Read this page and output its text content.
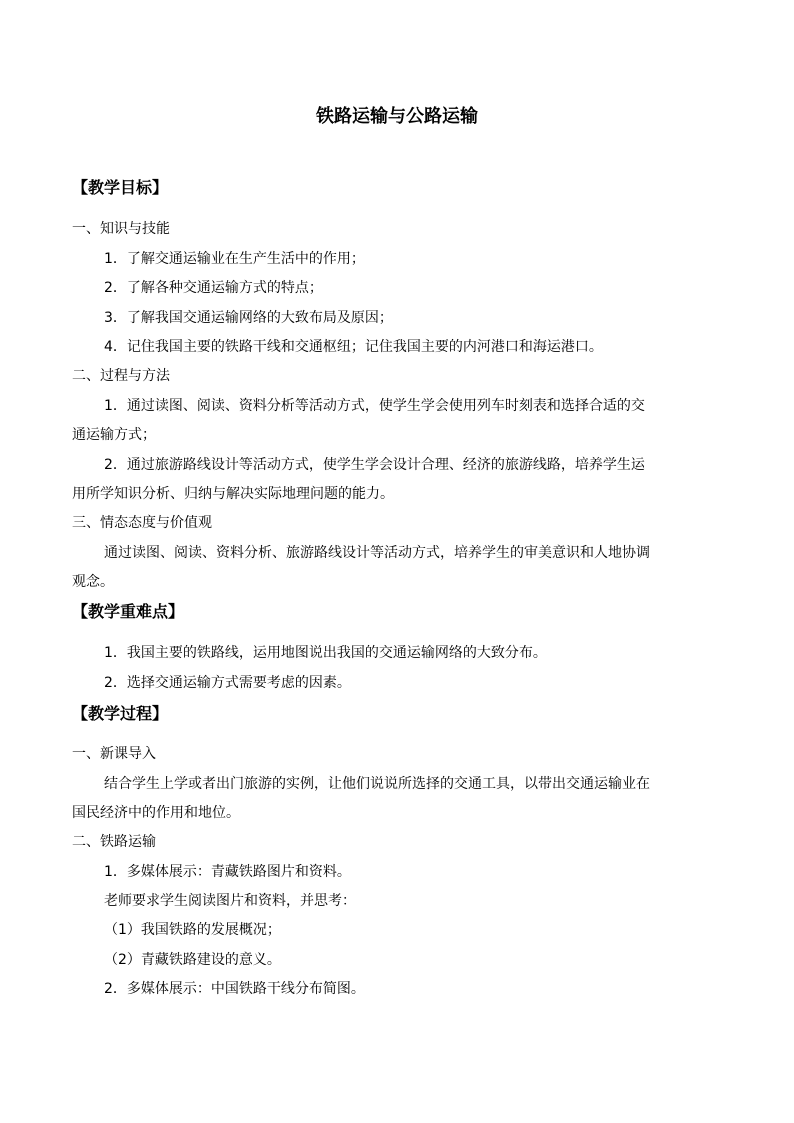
铁路运输与公路运输
【教学目标】
一、知识与技能
1．了解交通运输业在生产生活中的作用；
2．了解各种交通运输方式的特点；
3．了解我国交通运输网络的大致布局及原因；
4．记住我国主要的铁路干线和交通枢纽；记住我国主要的内河港口和海运港口。
二、过程与方法
1．通过读图、阅读、资料分析等活动方式，使学生学会使用列车时刻表和选择合适的交
通运输方式；
2．通过旅游路线设计等活动方式，使学生学会设计合理、经济的旅游线路，培养学生运
用所学知识分析、归纳与解决实际地理问题的能力。
三、情态态度与价值观
通过读图、阅读、资料分析、旅游路线设计等活动方式，培养学生的审美意识和人地协调
观念。
【教学重难点】
1．我国主要的铁路线，运用地图说出我国的交通运输网络的大致分布。
2．选择交通运输方式需要考虑的因素。
【教学过程】
一、新课导入
结合学生上学或者出门旅游的实例，让他们说说所选择的交通工具，以带出交通运输业在
国民经济中的作用和地位。
二、铁路运输
1．多媒体展示：青藏铁路图片和资料。
老师要求学生阅读图片和资料，并思考：
（1）我国铁路的发展概况；
（2）青藏铁路建设的意义。
2．多媒体展示：中国铁路干线分布简图。
